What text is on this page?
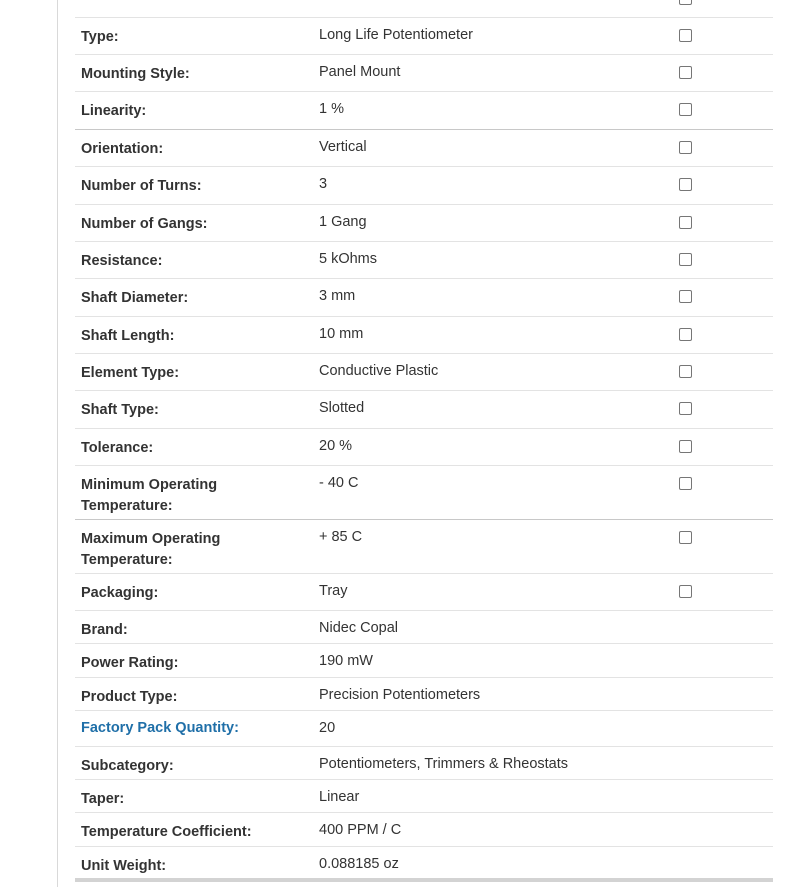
Type:	Long Life Potentiometer
Mounting Style:	Panel Mount
Linearity:	1 %
Orientation:	Vertical
Number of Turns:	3
Number of Gangs:	1 Gang
Resistance:	5 kOhms
Shaft Diameter:	3 mm
Shaft Length:	10 mm
Element Type:	Conductive Plastic
Shaft Type:	Slotted
Tolerance:	20 %
Minimum Operating Temperature:
- 40 C
Maximum Operating Temperature:
+ 85 C
Packaging:	Tray
Brand:	Nidec Copal
Power Rating:	190 mW
Product Type:	Precision Potentiometers
Factory Pack Quantity:	20
Subcategory:	Potentiometers, Trimmers & Rheostats
Taper:	Linear
Temperature Coefficient:	400 PPM / C
Unit Weight:	0.088185 oz
